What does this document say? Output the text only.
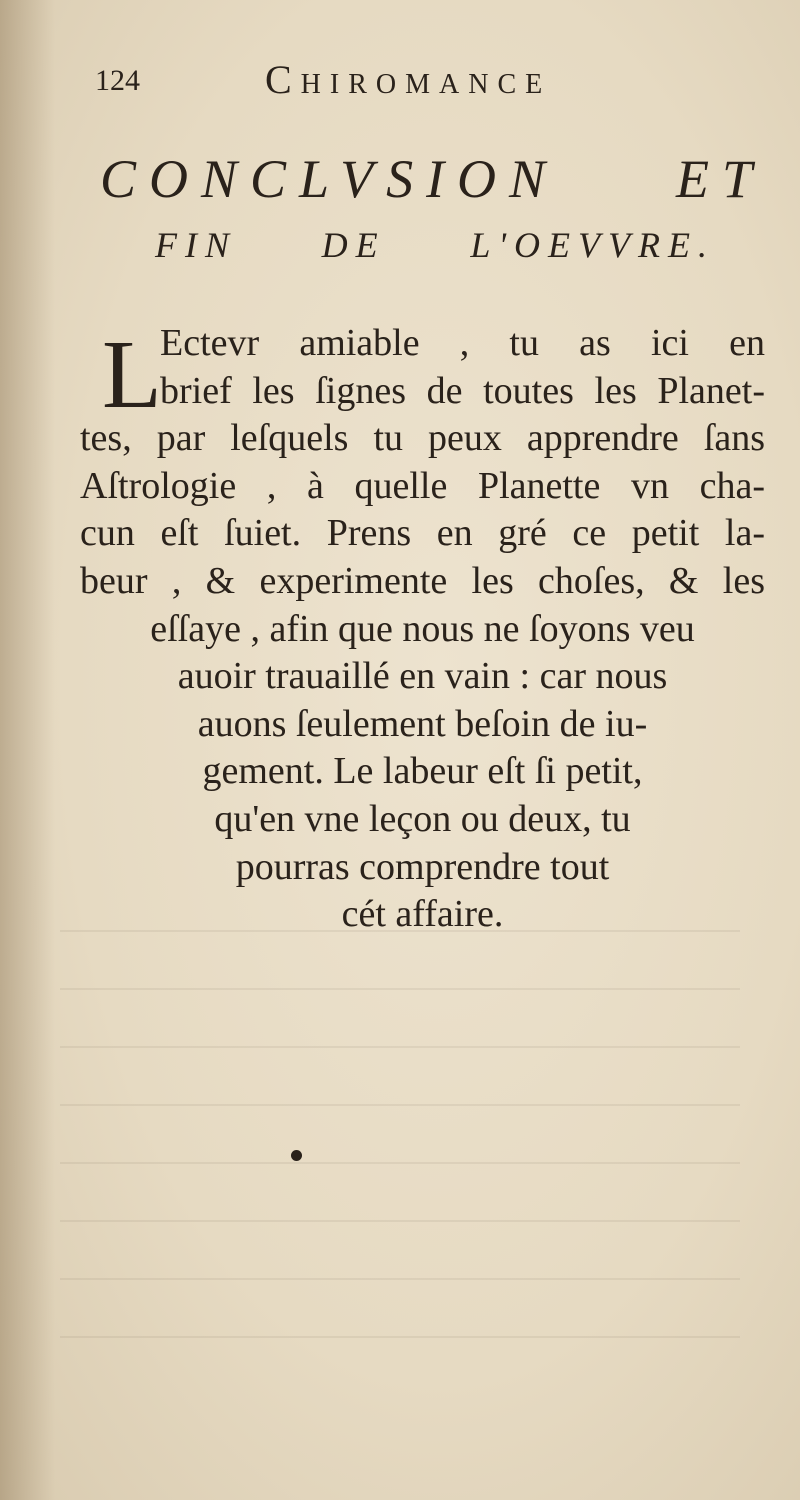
124	Chiromance
CONCLVSION ET
FIN DE L'OEVVRE.
L
Ectevr amiable , tu as ici en
brief les ſignes de toutes les Planet-
tes, par leſquels tu peux apprendre ſans
Aſtrologie , à quelle Planette vn cha-
cun eſt ſuiet. Prens en gré ce petit la-
beur , & experimente les choſes, & les
eſſaye , afin que nous ne ſoyons veu
auoir trauaillé en vain : car nous
auons ſeulement beſoin de iu-
gement. Le labeur eſt ſi petit,
qu'en vne leçon ou deux, tu
pourras comprendre tout
cét affaire.
